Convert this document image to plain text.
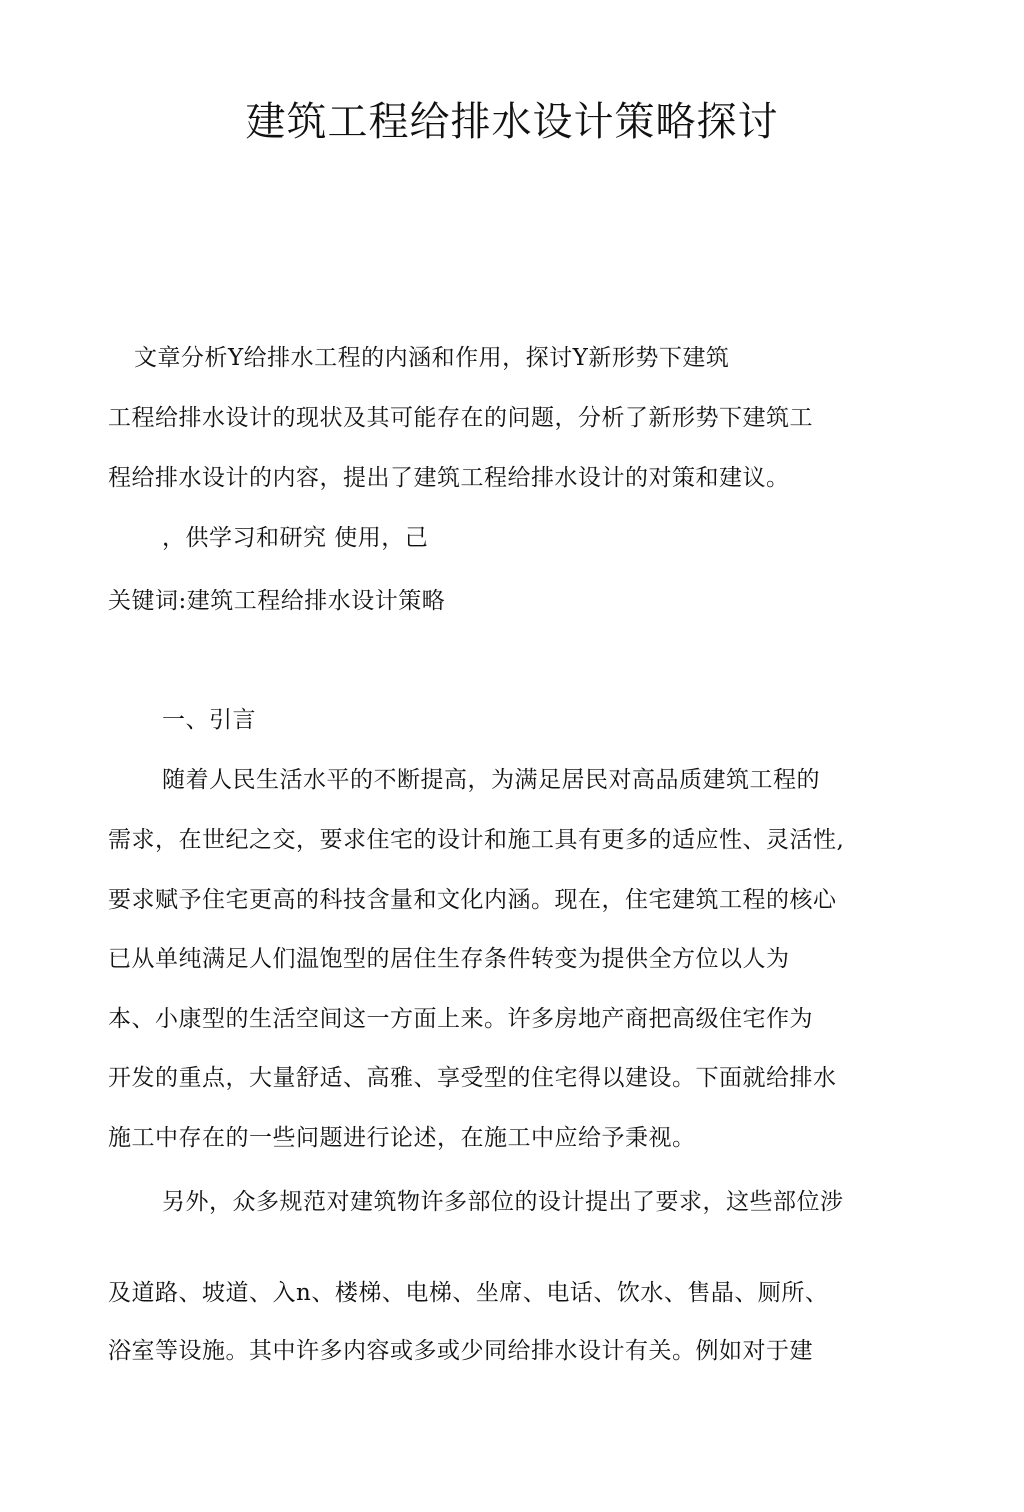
建筑工程给排水设计策略探讨

文章分析Y给排水工程的内涵和作用，探讨Y新形势下建筑

工程给排水设计的现状及其可能存在的问题，分析了新形势下建筑工

程给排水设计的内容，提出了建筑工程给排水设计的对策和建议。

，供学习和研究 使用，己

关键词:建筑工程给排水设计策略

一、引言

随着人民生活水平的不断提高，为满足居民对高品质建筑工程的

需求，在世纪之交，要求住宅的设计和施工具有更多的适应性、灵活性,

要求赋予住宅更高的科技含量和文化内涵。现在，住宅建筑工程的核心

已从单纯满足人们温饱型的居住生存条件转变为提供全方位以人为

本、小康型的生活空间这一方面上来。许多房地产商把高级住宅作为

开发的重点，大量舒适、高雅、享受型的住宅得以建设。下面就给排水

施工中存在的一些问题进行论述，在施工中应给予秉视。

另外，众多规范对建筑物许多部位的设计提出了要求，这些部位涉

及道路、坡道、入n、楼梯、电梯、坐席、电话、饮水、售晶、厕所、

浴室等设施。其中许多内容或多或少同给排水设计有关。例如对于建
